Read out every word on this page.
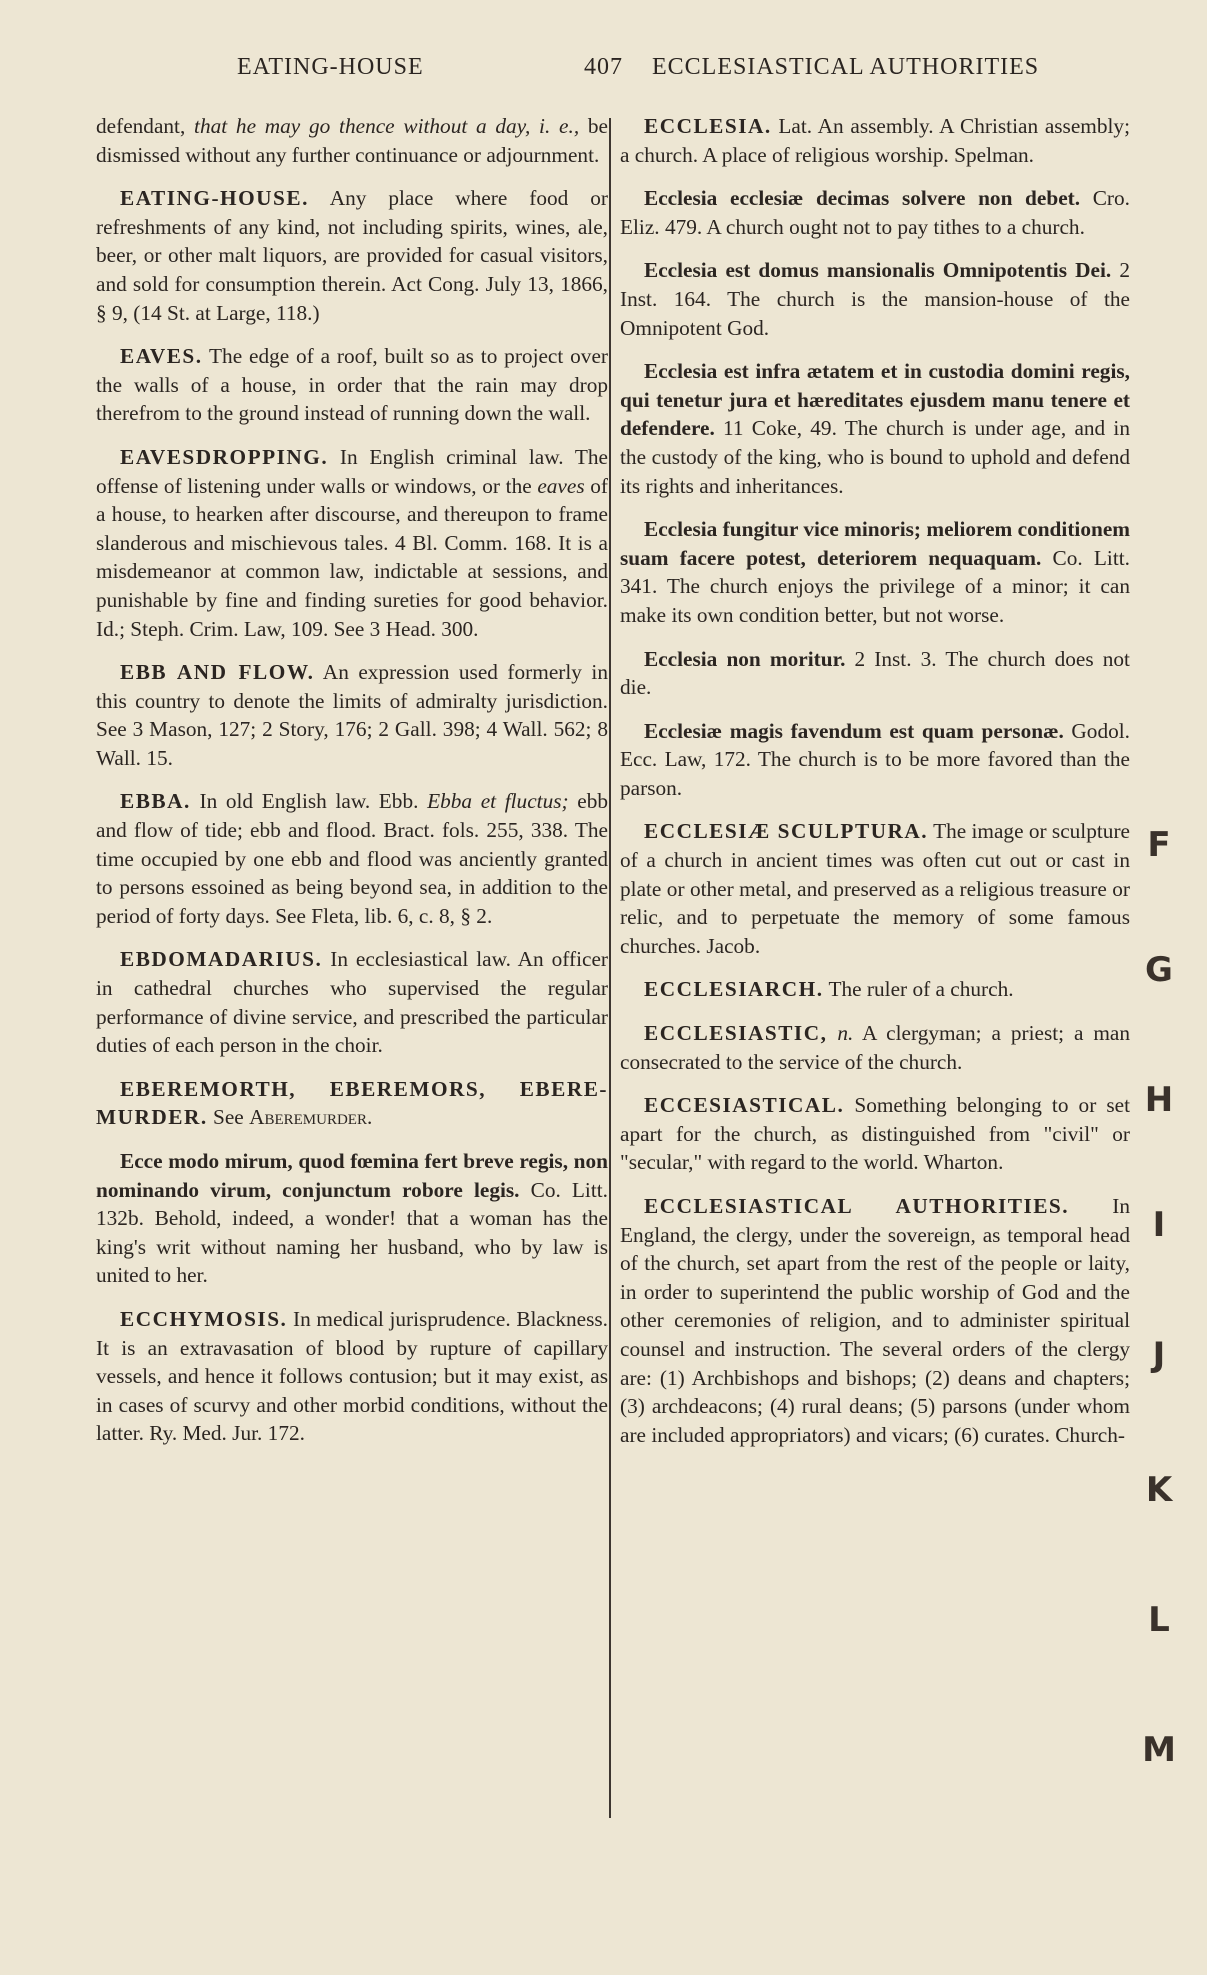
EATING-HOUSE	407 ECCLESIASTICAL AUTHORITIES

defendant, that he may go thence without a day, i. e., be dismissed without any further continuance or adjournment.

EATING-HOUSE. Any place where food or refreshments of any kind, not including spirits, wines, ale, beer, or other malt liquors, are provided for casual visitors, and sold for consumption therein. Act Cong. July 13, 1866, § 9, (14 St. at Large, 118.)

EAVES. The edge of a roof, built so as to project over the walls of a house, in order that the rain may drop therefrom to the ground instead of running down the wall.

EAVESDROPPING. In English criminal law. The offense of listening under walls or windows, or the eaves of a house, to hearken after discourse, and thereupon to frame slanderous and mischievous tales. 4 Bl. Comm. 168. It is a misdemeanor at common law, indictable at sessions, and punishable by fine and finding sureties for good behavior. Id.; Steph. Crim. Law, 109. See 3 Head. 300.

EBB AND FLOW. An expression used formerly in this country to denote the limits of admiralty jurisdiction. See 3 Mason, 127; 2 Story, 176; 2 Gall. 398; 4 Wall. 562; 8 Wall. 15.

EBBA. In old English law. Ebb. Ebba et fluctus; ebb and flow of tide; ebb and flood. Bract. fols. 255, 338. The time occupied by one ebb and flood was anciently granted to persons essoined as being beyond sea, in addition to the period of forty days. See Fleta, lib. 6, c. 8, § 2.

EBDOMADARIUS. In ecclesiastical law. An officer in cathedral churches who supervised the regular performance of divine service, and prescribed the particular duties of each person in the choir.

EBEREMORTH, EBEREMORS, EBERE-MURDER. See Aberemurder.

Ecce modo mirum, quod fœmina fert breve regis, non nominando virum, conjunctum robore legis. Co. Litt. 132b. Behold, indeed, a wonder! that a woman has the king's writ without naming her husband, who by law is united to her.

ECCHYMOSIS. In medical jurisprudence. Blackness. It is an extravasation of blood by rupture of capillary vessels, and hence it follows contusion; but it may exist, as in cases of scurvy and other morbid conditions, without the latter. Ry. Med. Jur. 172.

ECCLESIA. Lat. An assembly. A Christian assembly; a church. A place of religious worship. Spelman.

Ecclesia ecclesiæ decimas solvere non debet. Cro. Eliz. 479. A church ought not to pay tithes to a church.

Ecclesia est domus mansionalis Omnipotentis Dei. 2 Inst. 164. The church is the mansion-house of the Omnipotent God.

Ecclesia est infra ætatem et in custodia domini regis, qui tenetur jura et hæreditates ejusdem manu tenere et defendere. 11 Coke, 49. The church is under age, and in the custody of the king, who is bound to uphold and defend its rights and inheritances.

Ecclesia fungitur vice minoris; meliorem conditionem suam facere potest, deteriorem nequaquam. Co. Litt. 341. The church enjoys the privilege of a minor; it can make its own condition better, but not worse.

Ecclesia non moritur. 2 Inst. 3. The church does not die.

Ecclesiæ magis favendum est quam personæ. Godol. Ecc. Law, 172. The church is to be more favored than the parson.

ECCLESIÆ SCULPTURA. The image or sculpture of a church in ancient times was often cut out or cast in plate or other metal, and preserved as a religious treasure or relic, and to perpetuate the memory of some famous churches. Jacob.

ECCLESIARCH. The ruler of a church.

ECCLESIASTIC, n. A clergyman; a priest; a man consecrated to the service of the church.

ECCESIASTICAL. Something belonging to or set apart for the church, as distinguished from "civil" or "secular," with regard to the world. Wharton.

ECCLESIASTICAL AUTHORITIES. In England, the clergy, under the sovereign, as temporal head of the church, set apart from the rest of the people or laity, in order to superintend the public worship of God and the other ceremonies of religion, and to administer spiritual counsel and instruction. The several orders of the clergy are: (1) Archbishops and bishops; (2) deans and chapters; (3) archdeacons; (4) rural deans; (5) parsons (under whom are included appropriators) and vicars; (6) curates. Church-

F
G
H
I
J
K
L
M
